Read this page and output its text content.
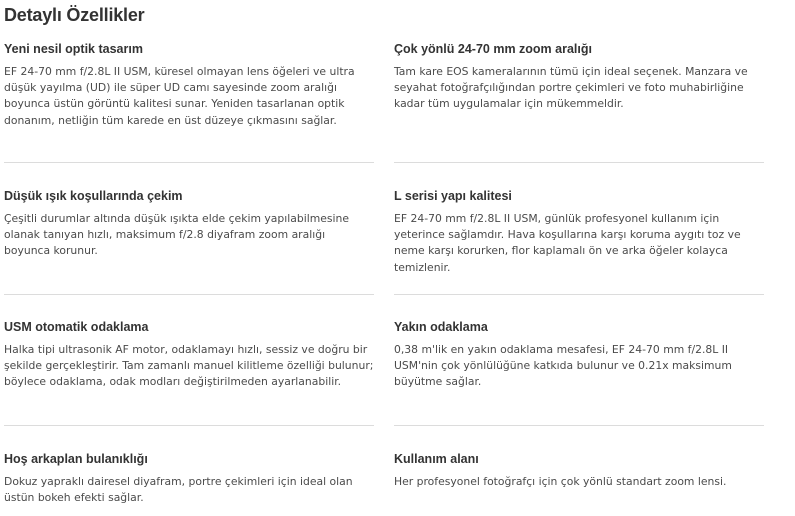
Detaylı Özellikler
Yeni nesil optik tasarım

EF 24-70 mm f/2.8L II USM, küresel olmayan lens öğeleri ve ultra düşük yayılma (UD) ile süper UD camı sayesinde zoom aralığı boyunca üstün görüntü kalitesi sunar. Yeniden tasarlanan optik donanım, netliğin tüm karede en üst düzeye çıkmasını sağlar.

Çok yönlü 24-70 mm zoom aralığı

Tam kare EOS kameralarının tümü için ideal seçenek. Manzara ve seyahat fotoğrafçılığından portre çekimleri ve foto muhabirliğine kadar tüm uygulamalar için mükemmeldir.

Düşük ışık koşullarında çekim

Çeşitli durumlar altında düşük ışıkta elde çekim yapılabilmesine olanak tanıyan hızlı, maksimum f/2.8 diyafram zoom aralığı boyunca korunur.

L serisi yapı kalitesi

EF 24-70 mm f/2.8L II USM, günlük profesyonel kullanım için yeterince sağlamdır. Hava koşullarına karşı koruma aygıtı toz ve neme karşı korurken, flor kaplamalı ön ve arka öğeler kolayca temizlenir.

USM otomatik odaklama

Halka tipi ultrasonik AF motor, odaklamayı hızlı, sessiz ve doğru bir şekilde gerçekleştirir. Tam zamanlı manuel kilitleme özelliği bulunur; böylece odaklama, odak modları değiştirilmeden ayarlanabilir.

Yakın odaklama

0,38 m'lik en yakın odaklama mesafesi, EF 24-70 mm f/2.8L II USM'nin çok yönlülüğüne katkıda bulunur ve 0.21x maksimum büyütme sağlar.

Hoş arkaplan bulanıklığı

Dokuz yapraklı dairesel diyafram, portre çekimleri için ideal olan üstün bokeh efekti sağlar.

Kullanım alanı

Her profesyonel fotoğrafçı için çok yönlü standart zoom lensi.
